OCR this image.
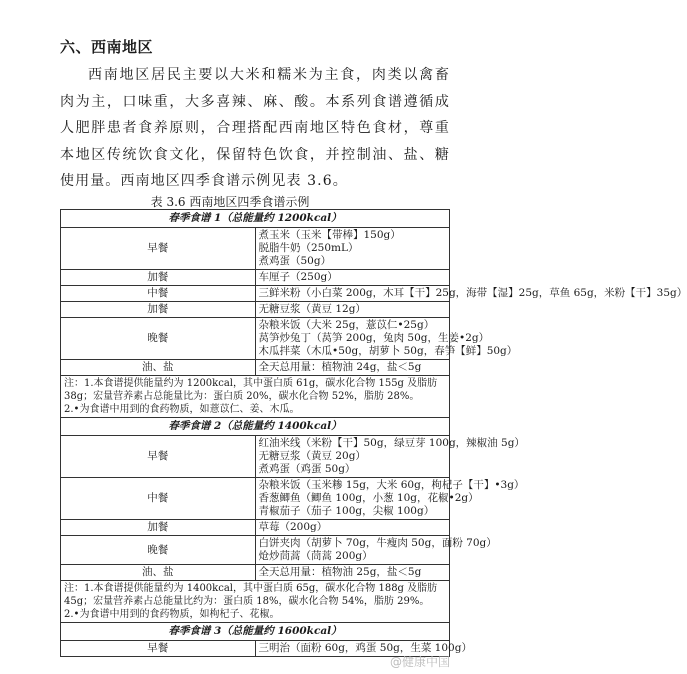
六、西南地区
西南地区居民主要以大米和糯米为主食，肉类以禽畜肉为主，口味重，大多喜辣、麻、酸。本系列食谱遵循成人肥胖患者食养原则，合理搭配西南地区特色食材，尊重本地区传统饮食文化，保留特色饮食，并控制油、盐、糖使用量。西南地区四季食谱示例见表 3.6。
表 3.6 西南地区四季食谱示例
春季食谱 1（总能量约 1200kcal）	
早餐	煮玉米（玉米【带棒】150g）
脱脂牛奶（250mL）
煮鸡蛋（50g）

加餐	车厘子（250g）

中餐	三鲜米粉（小白菜 200g，木耳【干】25g，海带【湿】25g，草鱼 65g，米粉【干】35g）

加餐	无糖豆浆（黄豆 12g）

晚餐	杂粮米饭（大米 25g，薏苡仁•25g）
莴笋炒兔丁（莴笋 200g，兔肉 50g，生姜•2g）
木瓜拌菜（木瓜•50g，胡萝卜 50g，春笋【鲜】50g）

油、盐	全天总用量：植物油 24g，盐＜5g

注：1.本食谱提供能量约为 1200kcal，其中蛋白质 61g，碳水化合物 155g 及脂肪 38g；宏量营养素占总能量比为：蛋白质 20%，碳水化合物 52%，脂肪 28%。
2.•为食谱中用到的食药物质，如薏苡仁、姜、木瓜。	

春季食谱 2（总能量约 1400kcal）	
早餐	红油米线（米粉【干】50g，绿豆芽 100g，辣椒油 5g）
无糖豆浆（黄豆 20g）
煮鸡蛋（鸡蛋 50g）

中餐	杂粮米饭（玉米糁 15g，大米 60g，枸杞子【干】•3g）
香葱鲫鱼（鲫鱼 100g，小葱 10g，花椒•2g）
青椒茄子（茄子 100g，尖椒 100g）

加餐	草莓（200g）

晚餐	白饼夹肉（胡萝卜 70g，牛瘦肉 50g，面粉 70g）
炝炒茼蒿（茼蒿 200g）

油、盐	全天总用量：植物油 25g，盐＜5g

注：1.本食谱提供能量约为 1400kcal，其中蛋白质 65g，碳水化合物 188g 及脂肪 45g；宏量营养素占总能量比约为：蛋白质 18%，碳水化合物 54%，脂肪 29%。
2.•为食谱中用到的食药物质，如枸杞子、花椒。	

春季食谱 3（总能量约 1600kcal）	
早餐	三明治（面粉 60g，鸡蛋 50g，生菜 100g）
@健康中国
